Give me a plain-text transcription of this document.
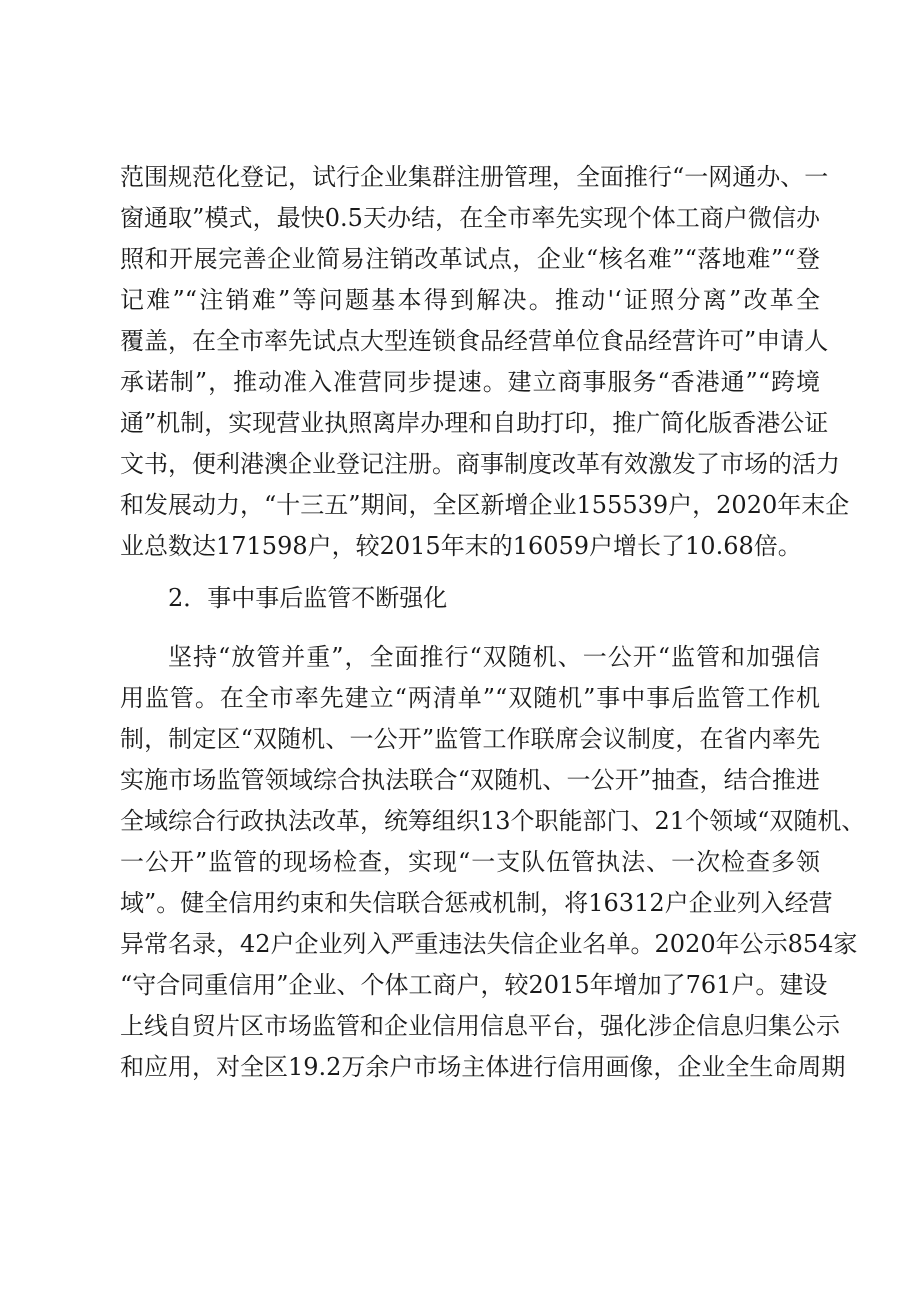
范围规范化登记，试行企业集群注册管理，全面推行“一网通办、一
窗通取”模式，最快0.5天办结，在全市率先实现个体工商户微信办
照和开展完善企业简易注销改革试点，企业“核名难”“落地难”“登
记难”“注销难”等问题基本得到解决。推动'‘证照分离”改革全
覆盖，在全市率先试点大型连锁食品经营单位食品经营许可”申请人
承诺制”，推动准入准营同步提速。建立商事服务“香港通”“跨境
通”机制，实现营业执照离岸办理和自助打印，推广简化版香港公证
文书，便利港澳企业登记注册。商事制度改革有效激发了市场的活力
和发展动力，“十三五”期间，全区新增企业155539户，2020年末企
业总数达171598户，较2015年末的16059户增长了10.68倍。
2．事中事后监管不断强化
坚持“放管并重”，全面推行“双随机、一公开“监管和加强信
用监管。在全市率先建立“两清单”“双随机”事中事后监管工作机
制，制定区“双随机、一公开”监管工作联席会议制度，在省内率先
实施市场监管领域综合执法联合“双随机、一公开”抽查，结合推进
全域综合行政执法改革，统筹组织13个职能部门、21个领域“双随机、
一公开”监管的现场检查，实现“一支队伍管执法、一次检查多领
域”。健全信用约束和失信联合惩戒机制，将16312户企业列入经营
异常名录，42户企业列入严重违法失信企业名单。2020年公示854家
“守合同重信用”企业、个体工商户，较2015年增加了761户。建设
上线自贸片区市场监管和企业信用信息平台，强化涉企信息归集公示
和应用，对全区19.2万余户市场主体进行信用画像，企业全生命周期
